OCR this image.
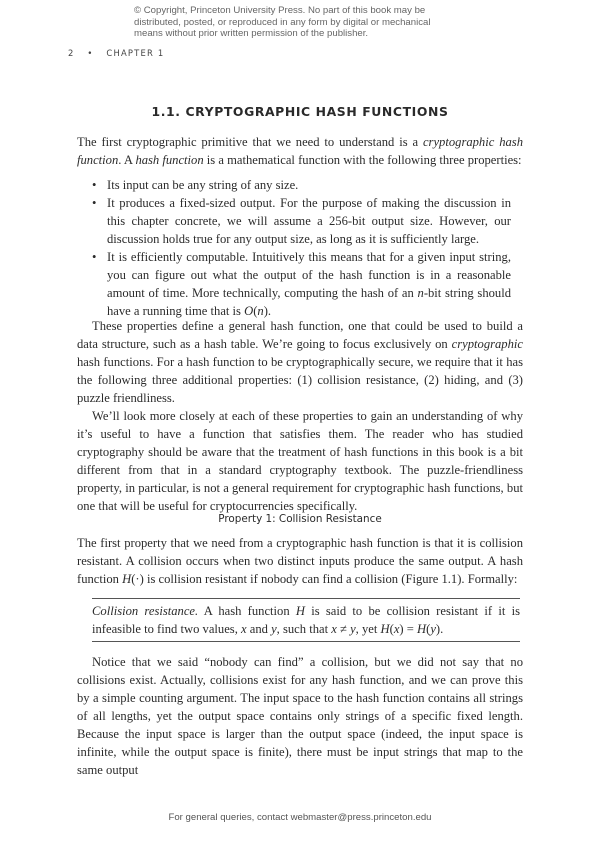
© Copyright, Princeton University Press. No part of this book may be
distributed, posted, or reproduced in any form by digital or mechanical
means without prior written permission of the publisher.
2 • CHAPTER 1
1.1. CRYPTOGRAPHIC HASH FUNCTIONS

The first cryptographic primitive that we need to understand is a cryptographic hash function. A hash function is a mathematical function with the following three properties:

• Its input can be any string of any size.
• It produces a fixed-sized output. For the purpose of making the discussion in this chapter concrete, we will assume a 256-bit output size. However, our discussion holds true for any output size, as long as it is sufficiently large.
• It is efficiently computable. Intuitively this means that for a given input string, you can figure out what the output of the hash function is in a reasonable amount of time. More technically, computing the hash of an n-bit string should have a running time that is O(n).

These properties define a general hash function, one that could be used to build a data structure, such as a hash table. We’re going to focus exclusively on cryptographic hash functions. For a hash function to be cryptographically secure, we require that it has the following three additional properties: (1) collision resistance, (2) hiding, and (3) puzzle friendliness.

We’ll look more closely at each of these properties to gain an understanding of why it’s useful to have a function that satisfies them. The reader who has studied cryptography should be aware that the treatment of hash functions in this book is a bit different from that in a standard cryptography textbook. The puzzle-friendliness property, in particular, is not a general requirement for cryptographic hash functions, but one that will be useful for cryptocurrencies specifically.

Property 1: Collision Resistance

The first property that we need from a cryptographic hash function is that it is collision resistant. A collision occurs when two distinct inputs produce the same output. A hash function H(·) is collision resistant if nobody can find a collision (Figure 1.1). Formally:

Collision resistance. A hash function H is said to be collision resistant if it is infeasible to find two values, x and y, such that x ≠ y, yet H(x) = H(y).

Notice that we said “nobody can find” a collision, but we did not say that no collisions exist. Actually, collisions exist for any hash function, and we can prove this by a simple counting argument. The input space to the hash function contains all strings of all lengths, yet the output space contains only strings of a specific fixed length. Because the input space is larger than the output space (indeed, the input space is infinite, while the output space is finite), there must be input strings that map to the same output

For general queries, contact webmaster@press.princeton.edu
